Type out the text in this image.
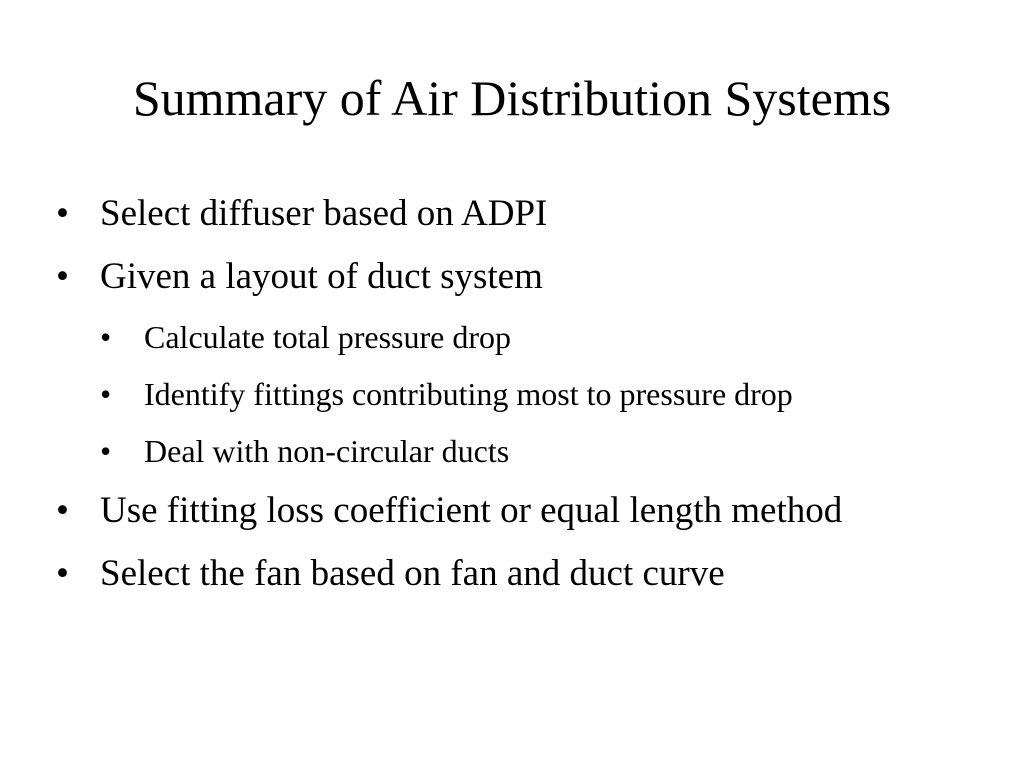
Summary of Air Distribution Systems
• Select diffuser based on ADPI
• Given a layout of duct system
•	Calculate total pressure drop
•	Identify fittings contributing most to pressure drop
•	Deal with non-circular ducts
• Use fitting loss coefficient or equal length method
• Select the fan based on fan and duct curve
